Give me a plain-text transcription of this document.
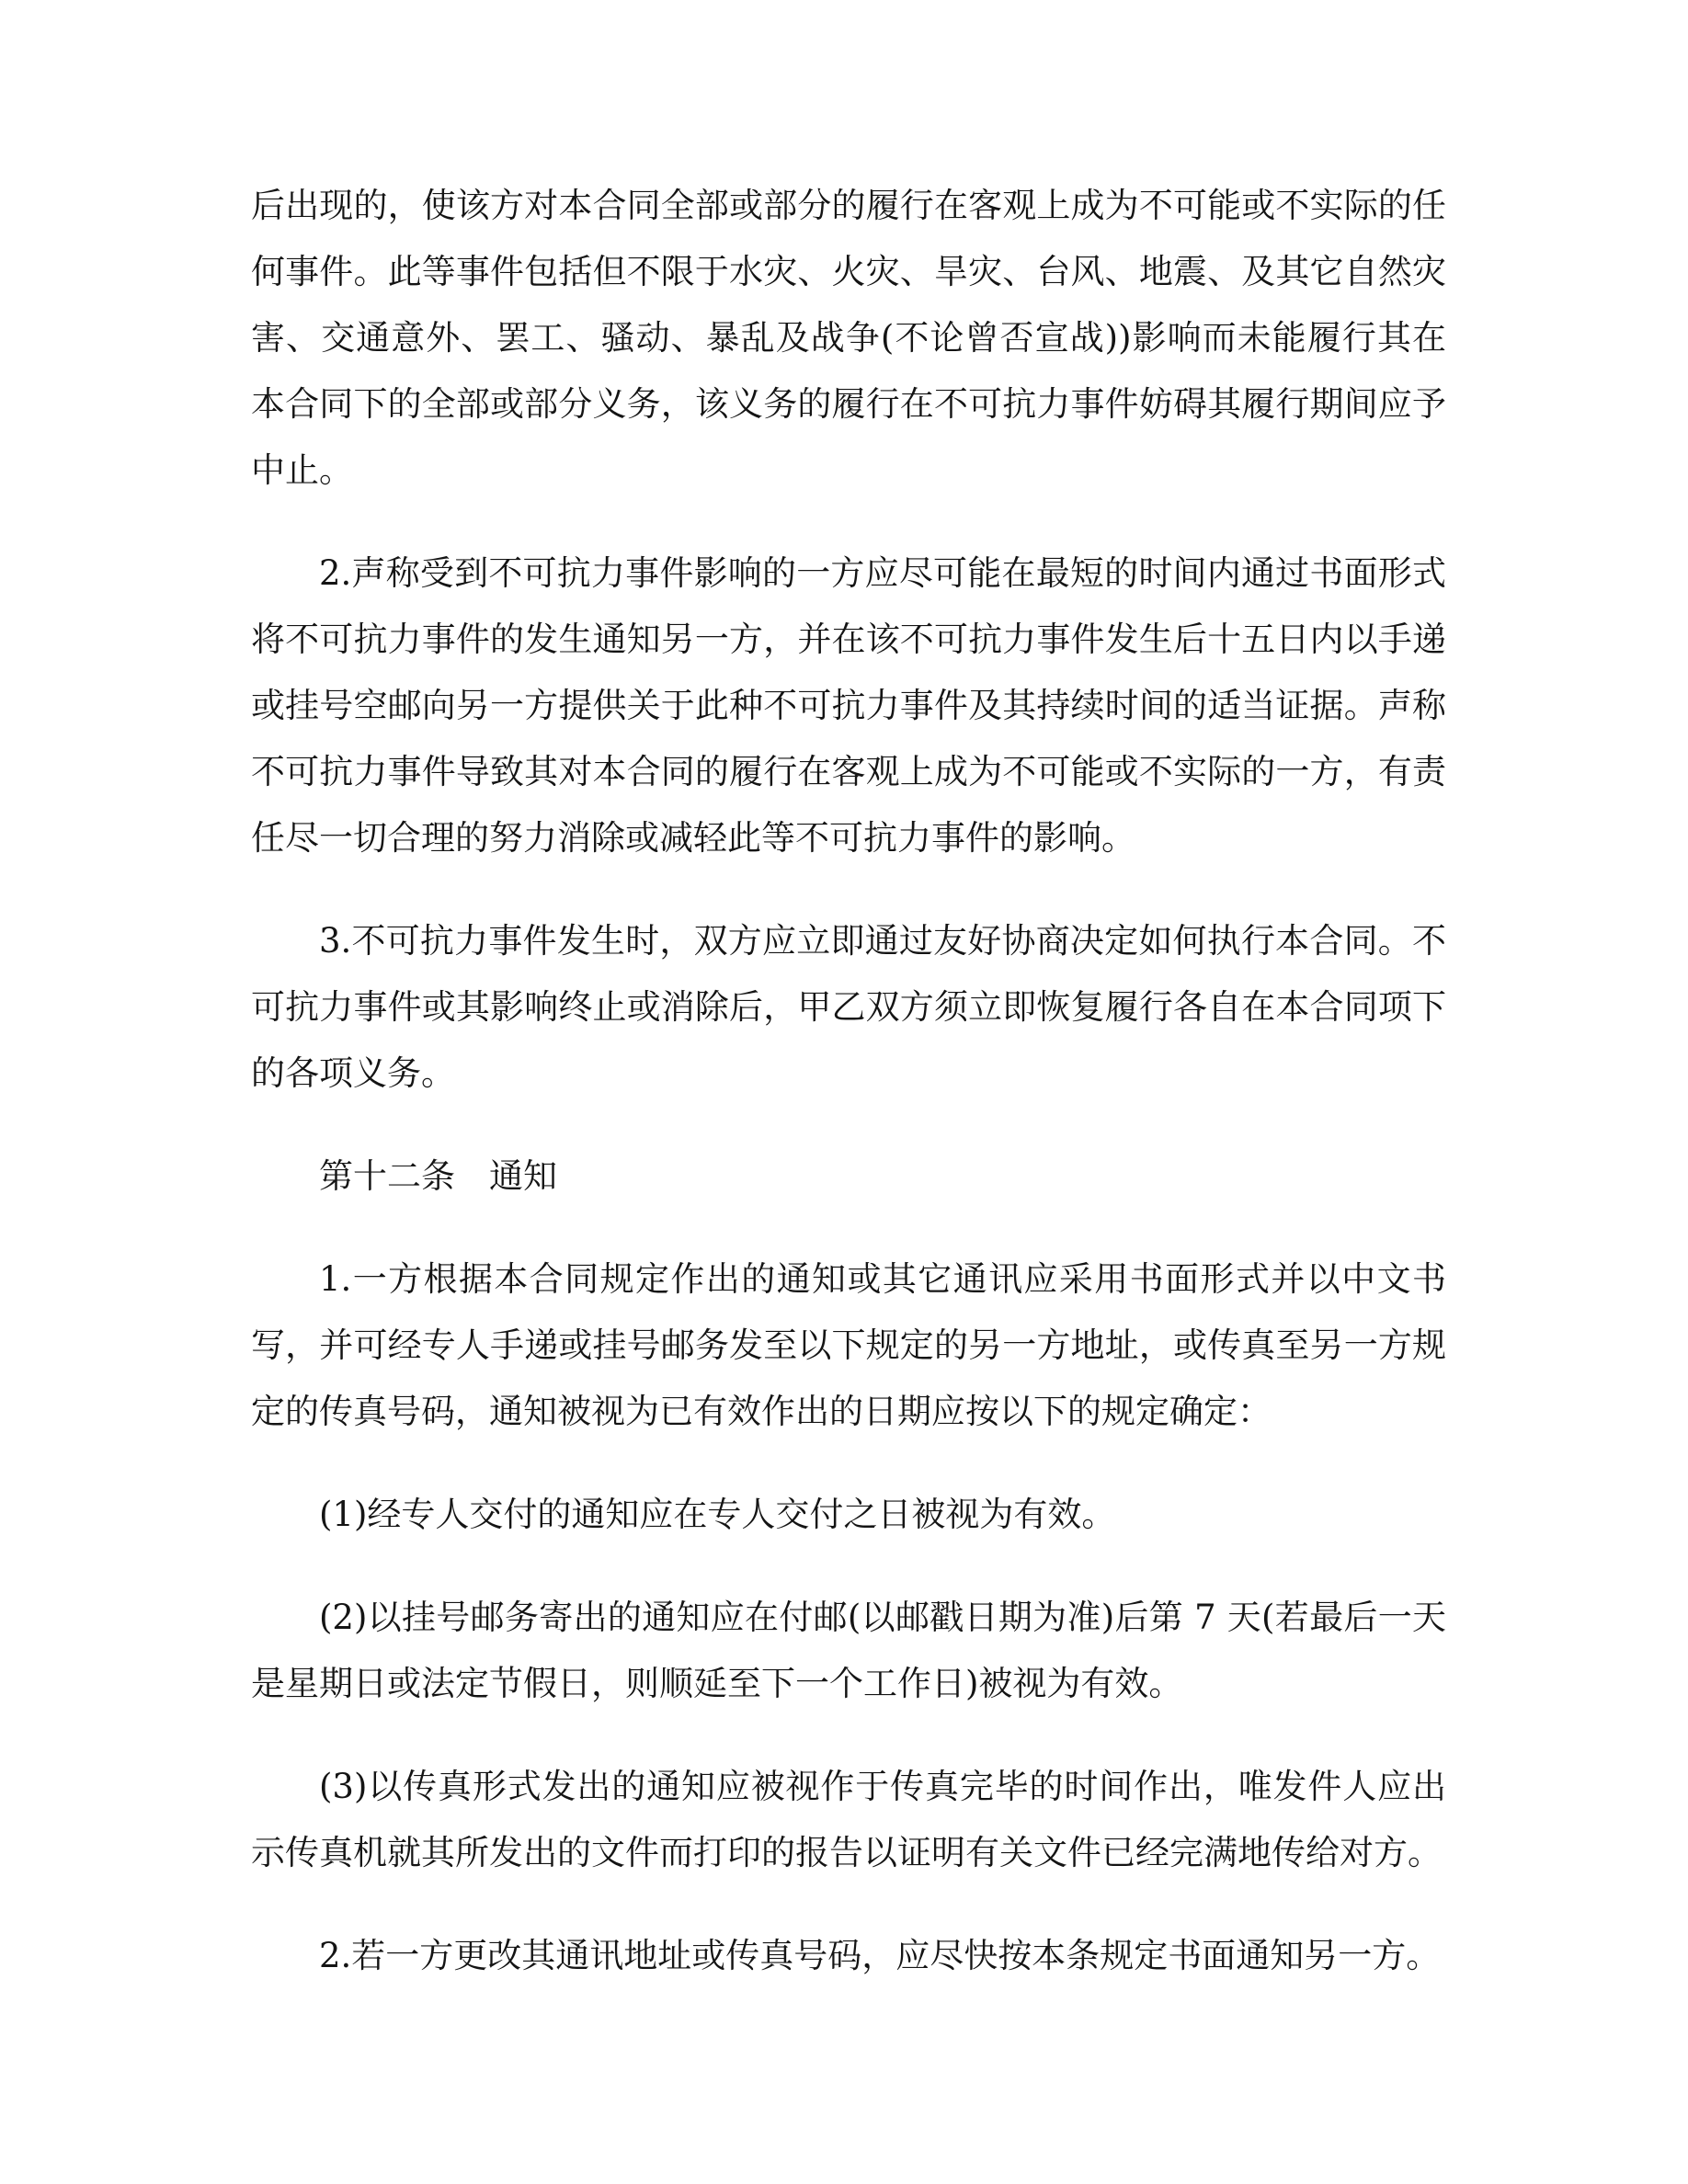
后出现的，使该方对本合同全部或部分的履行在客观上成为不可能或不实际的任何事件。此等事件包括但不限于水灾、火灾、旱灾、台风、地震、及其它自然灾害、交通意外、罢工、骚动、暴乱及战争(不论曾否宣战))影响而未能履行其在本合同下的全部或部分义务，该义务的履行在不可抗力事件妨碍其履行期间应予中止。

2.声称受到不可抗力事件影响的一方应尽可能在最短的时间内通过书面形式将不可抗力事件的发生通知另一方，并在该不可抗力事件发生后十五日内以手递或挂号空邮向另一方提供关于此种不可抗力事件及其持续时间的适当证据。声称不可抗力事件导致其对本合同的履行在客观上成为不可能或不实际的一方，有责任尽一切合理的努力消除或减轻此等不可抗力事件的影响。

3.不可抗力事件发生时，双方应立即通过友好协商决定如何执行本合同。不可抗力事件或其影响终止或消除后，甲乙双方须立即恢复履行各自在本合同项下的各项义务。

第十二条　通知

1.一方根据本合同规定作出的通知或其它通讯应采用书面形式并以中文书写，并可经专人手递或挂号邮务发至以下规定的另一方地址，或传真至另一方规定的传真号码，通知被视为已有效作出的日期应按以下的规定确定：

(1)经专人交付的通知应在专人交付之日被视为有效。

(2)以挂号邮务寄出的通知应在付邮(以邮戳日期为准)后第 7 天(若最后一天是星期日或法定节假日，则顺延至下一个工作日)被视为有效。

(3)以传真形式发出的通知应被视作于传真完毕的时间作出，唯发件人应出示传真机就其所发出的文件而打印的报告以证明有关文件已经完满地传给对方。

2.若一方更改其通讯地址或传真号码，应尽快按本条规定书面通知另一方。
